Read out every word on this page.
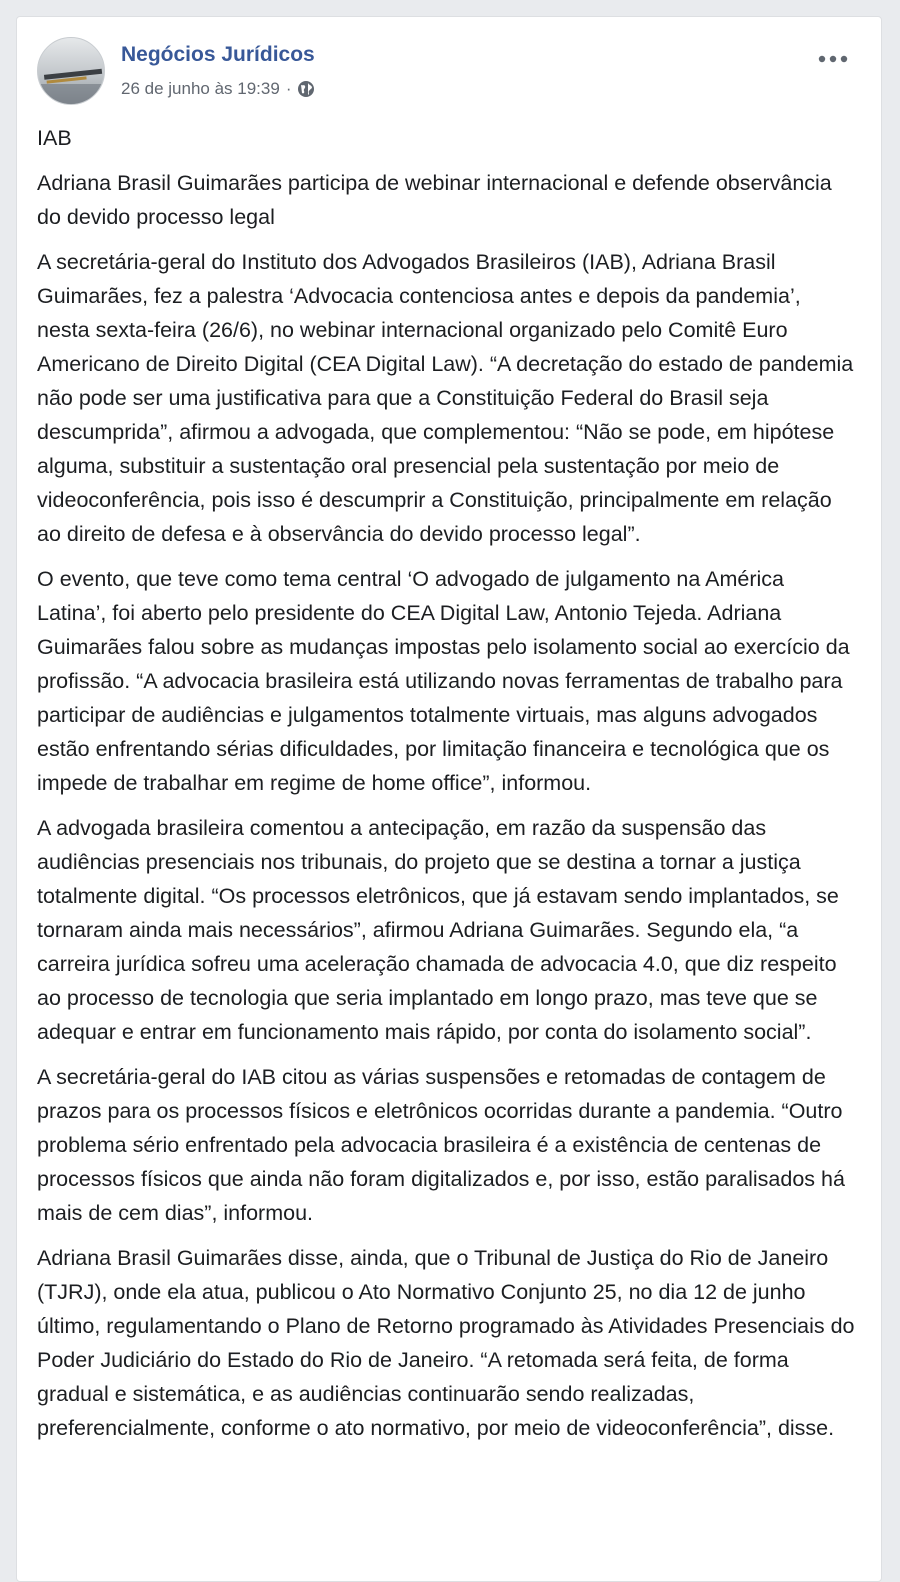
Negócios Jurídicos
26 de junho às 19:39 ·

IAB

Adriana Brasil Guimarães participa de webinar internacional e defende observância do devido processo legal

A secretária-geral do Instituto dos Advogados Brasileiros (IAB), Adriana Brasil Guimarães, fez a palestra ‘Advocacia contenciosa antes e depois da pandemia’, nesta sexta-feira (26/6), no webinar internacional organizado pelo Comitê Euro Americano de Direito Digital (CEA Digital Law). “A decretação do estado de pandemia não pode ser uma justificativa para que a Constituição Federal do Brasil seja descumprida”, afirmou a advogada, que complementou: “Não se pode, em hipótese alguma, substituir a sustentação oral presencial pela sustentação por meio de videoconferência, pois isso é descumprir a Constituição, principalmente em relação ao direito de defesa e à observância do devido processo legal”.

O evento, que teve como tema central ‘O advogado de julgamento na América Latina’, foi aberto pelo presidente do CEA Digital Law, Antonio Tejeda. Adriana Guimarães falou sobre as mudanças impostas pelo isolamento social ao exercício da profissão. “A advocacia brasileira está utilizando novas ferramentas de trabalho para participar de audiências e julgamentos totalmente virtuais, mas alguns advogados estão enfrentando sérias dificuldades, por limitação financeira e tecnológica que os impede de trabalhar em regime de home office”, informou.

A advogada brasileira comentou a antecipação, em razão da suspensão das audiências presenciais nos tribunais, do projeto que se destina a tornar a justiça totalmente digital. “Os processos eletrônicos, que já estavam sendo implantados, se tornaram ainda mais necessários”, afirmou Adriana Guimarães. Segundo ela, “a carreira jurídica sofreu uma aceleração chamada de advocacia 4.0, que diz respeito ao processo de tecnologia que seria implantado em longo prazo, mas teve que se adequar e entrar em funcionamento mais rápido, por conta do isolamento social”.

A secretária-geral do IAB citou as várias suspensões e retomadas de contagem de prazos para os processos físicos e eletrônicos ocorridas durante a pandemia. “Outro problema sério enfrentado pela advocacia brasileira é a existência de centenas de processos físicos que ainda não foram digitalizados e, por isso, estão paralisados há mais de cem dias”, informou.

Adriana Brasil Guimarães disse, ainda, que o Tribunal de Justiça do Rio de Janeiro (TJRJ), onde ela atua, publicou o Ato Normativo Conjunto 25, no dia 12 de junho último, regulamentando o Plano de Retorno programado às Atividades Presenciais do Poder Judiciário do Estado do Rio de Janeiro. “A retomada será feita, de forma gradual e sistemática, e as audiências continuarão sendo realizadas, preferencialmente, conforme o ato normativo, por meio de videoconferência”, disse.
